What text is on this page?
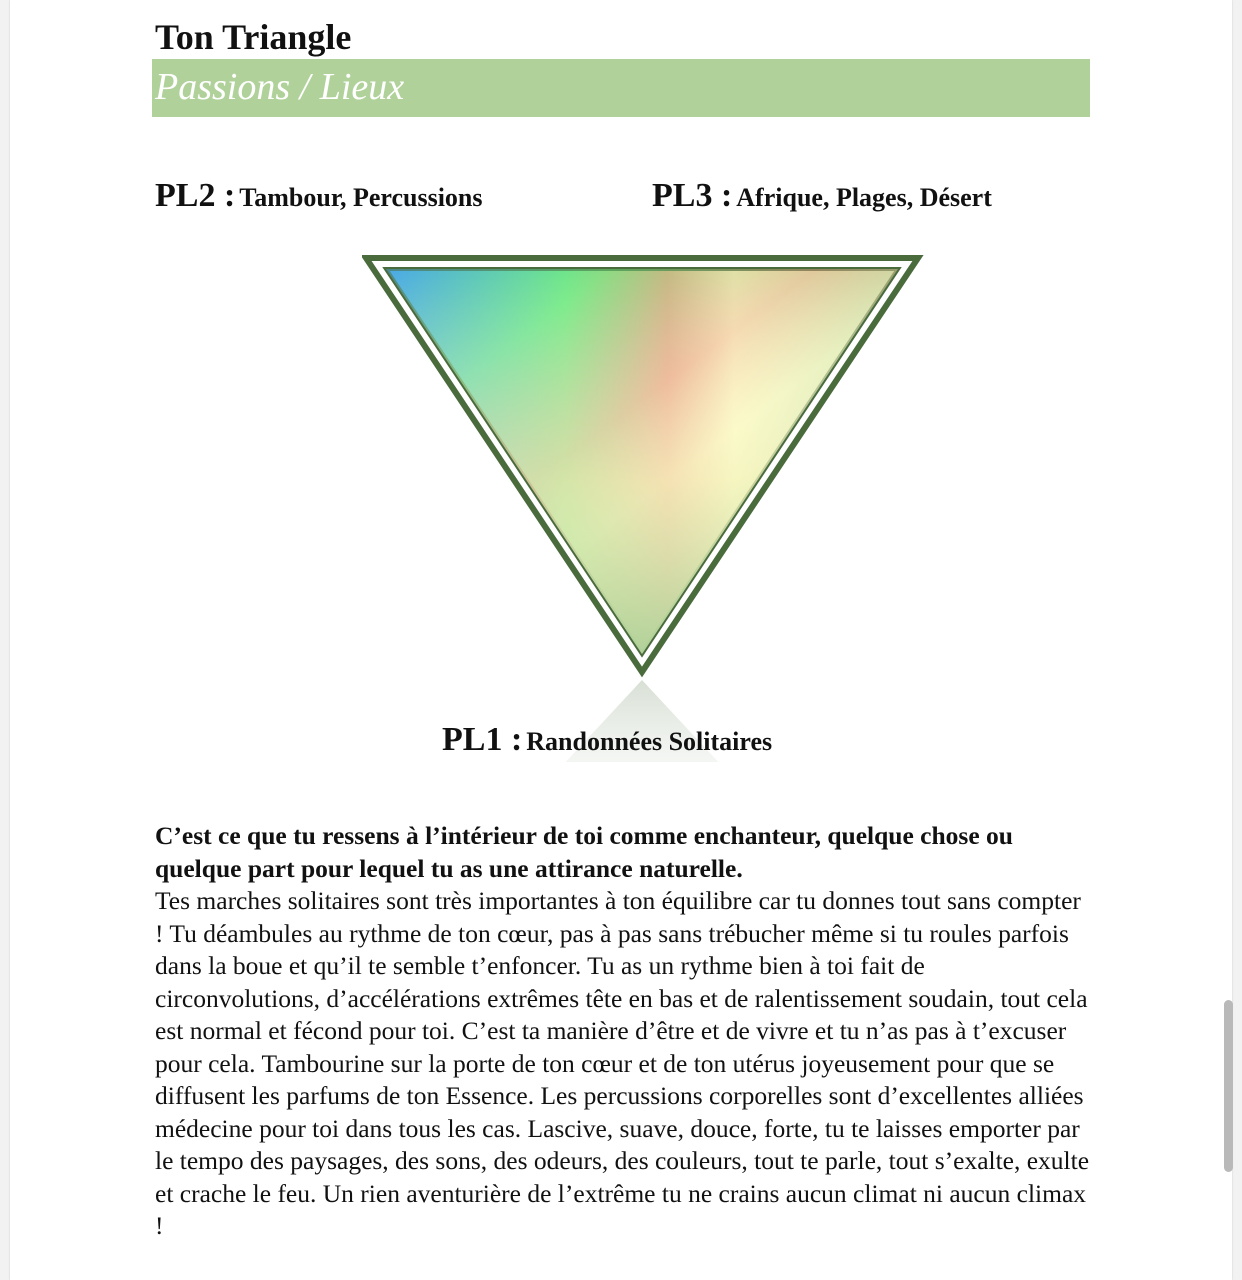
Ton Triangle
Passions / Lieux
PL2 : Tambour, Percussions	PL3 : Afrique, Plages, Désert
PL1 : Randonnées Solitaires

C’est ce que tu ressens à l’intérieur de toi comme enchanteur, quelque chose ou quelque part pour lequel tu as une attirance naturelle.

Tes marches solitaires sont très importantes à ton équilibre car tu donnes tout sans compter ! Tu déambules au rythme de ton cœur, pas à pas sans trébucher même si tu roules parfois dans la boue et qu’il te semble t’enfoncer. Tu as un rythme bien à toi fait de circonvolutions, d’accélérations extrêmes tête en bas et de ralentissement soudain, tout cela est normal et fécond pour toi. C’est ta manière d’être et de vivre et tu n’as pas à t’excuser pour cela. Tambourine sur la porte de ton cœur et de ton utérus joyeusement pour que se diffusent les parfums de ton Essence. Les percussions corporelles sont d’excellentes alliées médecine pour toi dans tous les cas. Lascive, suave, douce, forte, tu te laisses emporter par le tempo des paysages, des sons, des odeurs, des couleurs, tout te parle, tout s’exalte, exulte et crache le feu. Un rien aventurière de l’extrême tu ne crains aucun climat ni aucun climax !
